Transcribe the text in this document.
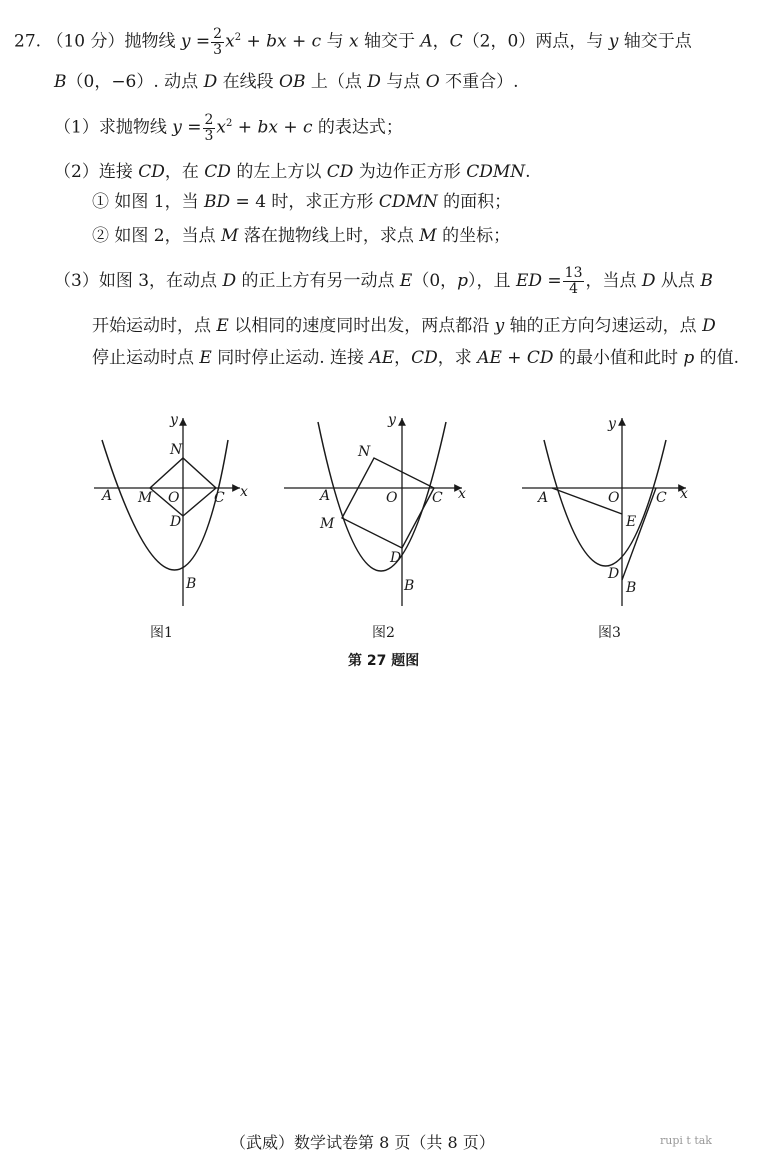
27. （10 分）抛物线 $y = \frac{2}{3} x^2$ + bx + c 与 x 轴交于 A，C（2，0）两点，与 y 轴交于点
B（0，−6）. 动点 D 在线段 OB 上（点 D 与点 O 不重合）.
（1）求抛物线 $y = \frac{2}{3} x^2$ + bx + c 的表达式；
（2）连接 CD，在 CD 的左上方以 CD 为边作正方形 CDMN.
① 如图 1，当 BD = 4 时，求正方形 CDMN 的面积；
② 如图 2，当点 M 落在抛物线上时，求点 M 的坐标；
（3）如图 3，在动点 D 的正上方有另一动点 E（0，p），且 ED = $\frac{13}{4}$ ，当点 D 从点 B
开始运动时，点 E 以相同的速度同时出发，两点都沿 y 轴的正方向匀速运动，点 D
停止运动时点 E 同时停止运动. 连接 AE，CD，求 AE + CD 的最小值和此时 p 的值.
A M O C
N
D
B
x
y
图1
A	O C
N
M
D
B
x
y
图2
A	O	C
E
D
B
x
y
图3
第 27 题图
（武威）数学试卷第 8 页（共 8 页）	rupi t tak
